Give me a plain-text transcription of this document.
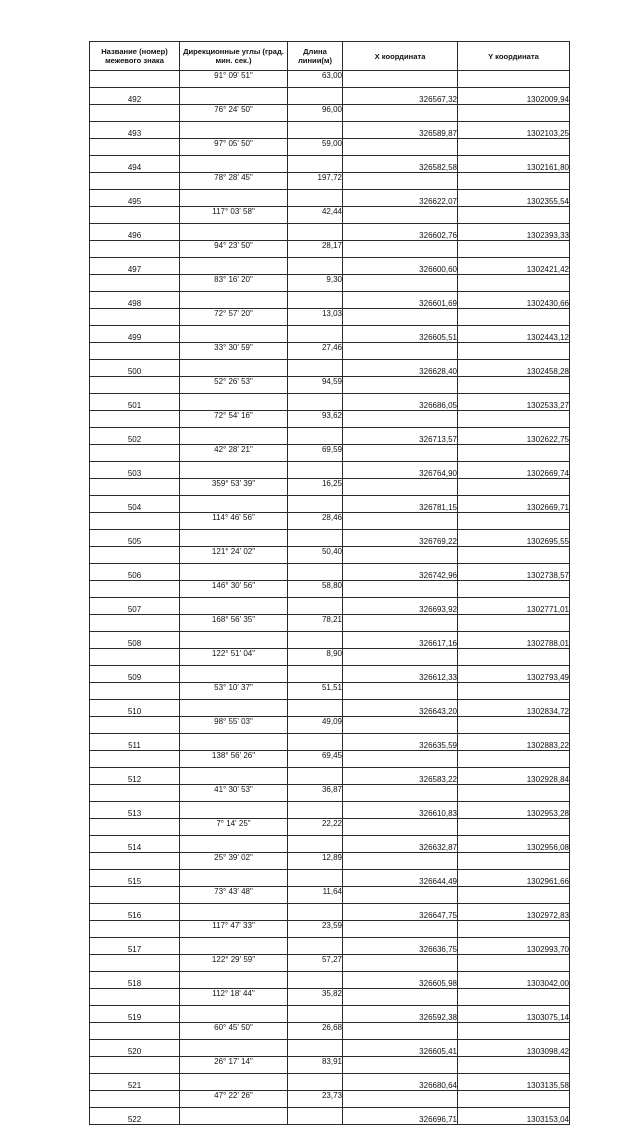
Название (номер) межевого знака	Дирекционные углы (град. мин. сек.)	Длина линии(м)	X координата	Y координата
	91° 09' 51"	63,00		
492			326567,32	1302009,94
	76° 24' 50"	96,00		
493			326589,87	1302103,25
	97° 05' 50"	59,00		
494			326582,58	1302161,80
	78° 28' 45"	197,72		
495			326622,07	1302355,54
	117° 03' 58"	42,44		
496			326602,76	1302393,33
	94° 23' 50"	28,17		
497			326600,60	1302421,42
	83° 16' 20"	9,30		
498			326601,69	1302430,66
	72° 57' 20"	13,03		
499			326605,51	1302443,12
	33° 30' 59"	27,46		
500			326628,40	1302458,28
	52° 26' 53"	94,59		
501			326686,05	1302533,27
	72° 54' 16"	93,62		
502			326713,57	1302622,75
	42° 28' 21"	69,59		
503			326764,90	1302669,74
	359° 53' 39"	16,25		
504			326781,15	1302669,71
	114° 46' 56"	28,46		
505			326769,22	1302695,55
	121° 24' 02"	50,40		
506			326742,96	1302738,57
	146° 30' 56"	58,80		
507			326693,92	1302771,01
	168° 56' 35"	78,21		
508			326617,16	1302788,01
	122° 51' 04"	8,90		
509			326612,33	1302793,49
	53° 10' 37"	51,51		
510			326643,20	1302834,72
	98° 55' 03"	49,09		
511			326635,59	1302883,22
	138° 56' 26"	69,45		
512			326583,22	1302928,84
	41° 30' 53"	36,87		
513			326610,83	1302953,28
	7° 14' 25"	22,22		
514			326632,87	1302956,08
	25° 39' 02"	12,89		
515			326644,49	1302961,66
	73° 43' 48"	11,64		
516			326647,75	1302972,83
	117° 47' 33"	23,59		
517			326636,75	1302993,70
	122° 29' 59"	57,27		
518			326605,98	1303042,00
	112° 18' 44"	35,82		
519			326592,38	1303075,14
	60° 45' 50"	26,68		
520			326605,41	1303098,42
	26° 17' 14"	83,91		
521			326680,64	1303135,58
	47° 22' 26"	23,73		
522			326696,71	1303153,04
